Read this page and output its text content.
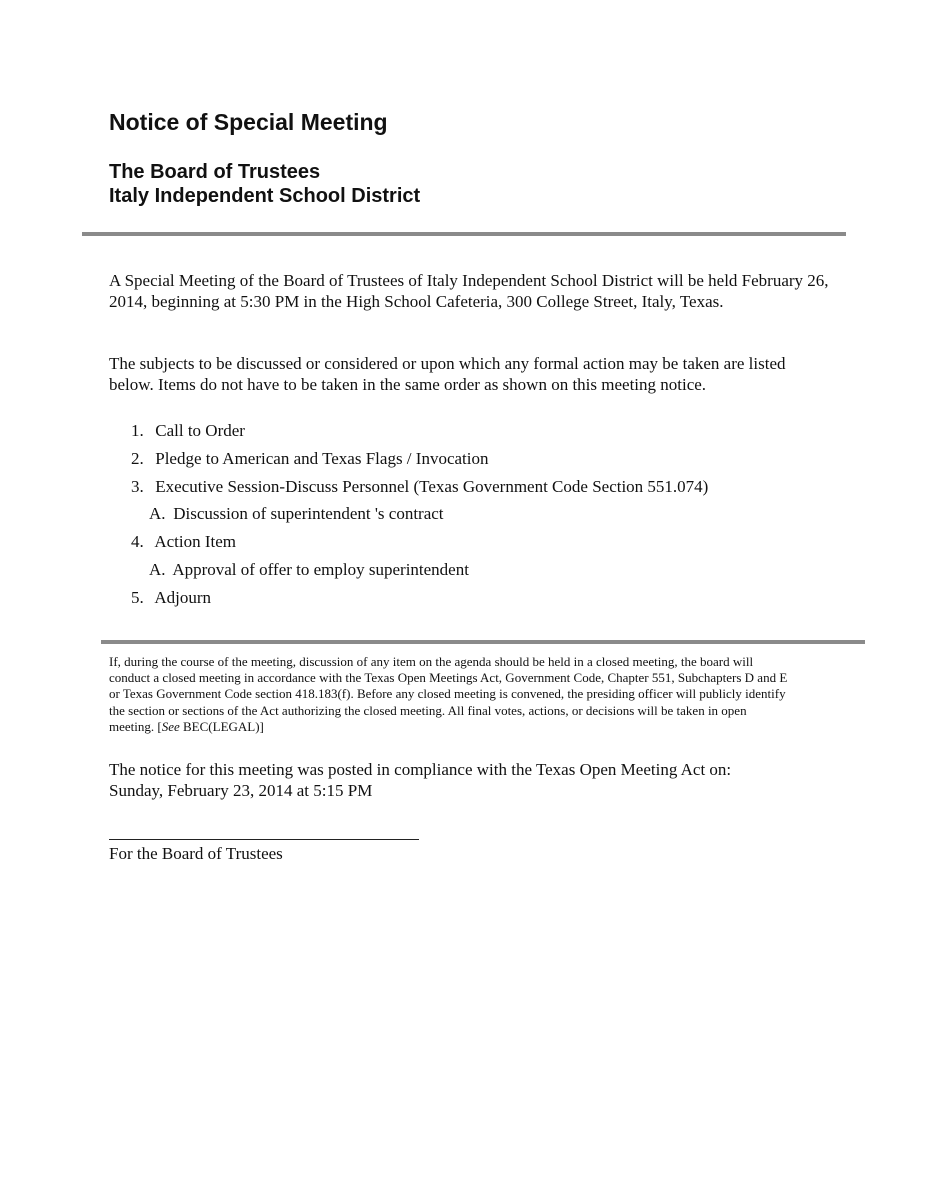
Notice of Special Meeting
The Board of Trustees
Italy Independent School District

A Special Meeting of the Board of Trustees of Italy Independent School District will be held February 26, 2014, beginning at 5:30 PM in the High School Cafeteria, 300 College Street, Italy, Texas.

The subjects to be discussed or considered or upon which any formal action may be taken are listed below. Items do not have to be taken in the same order as shown on this meeting notice.

1. Call to Order
2. Pledge to American and Texas Flags / Invocation
3. Executive Session-Discuss Personnel (Texas Government Code Section 551.074)
A. Discussion of superintendent 's contract
4. Action Item
A. Approval of offer to employ superintendent
5. Adjourn

If, during the course of the meeting, discussion of any item on the agenda should be held in a closed meeting, the board will conduct a closed meeting in accordance with the Texas Open Meetings Act, Government Code, Chapter 551, Subchapters D and E or Texas Government Code section 418.183(f). Before any closed meeting is convened, the presiding officer will publicly identify the section or sections of the Act authorizing the closed meeting. All final votes, actions, or decisions will be taken in open meeting. [See BEC(LEGAL)]

The notice for this meeting was posted in compliance with the Texas Open Meeting Act on:
Sunday, February 23, 2014 at 5:15 PM

For the Board of Trustees
